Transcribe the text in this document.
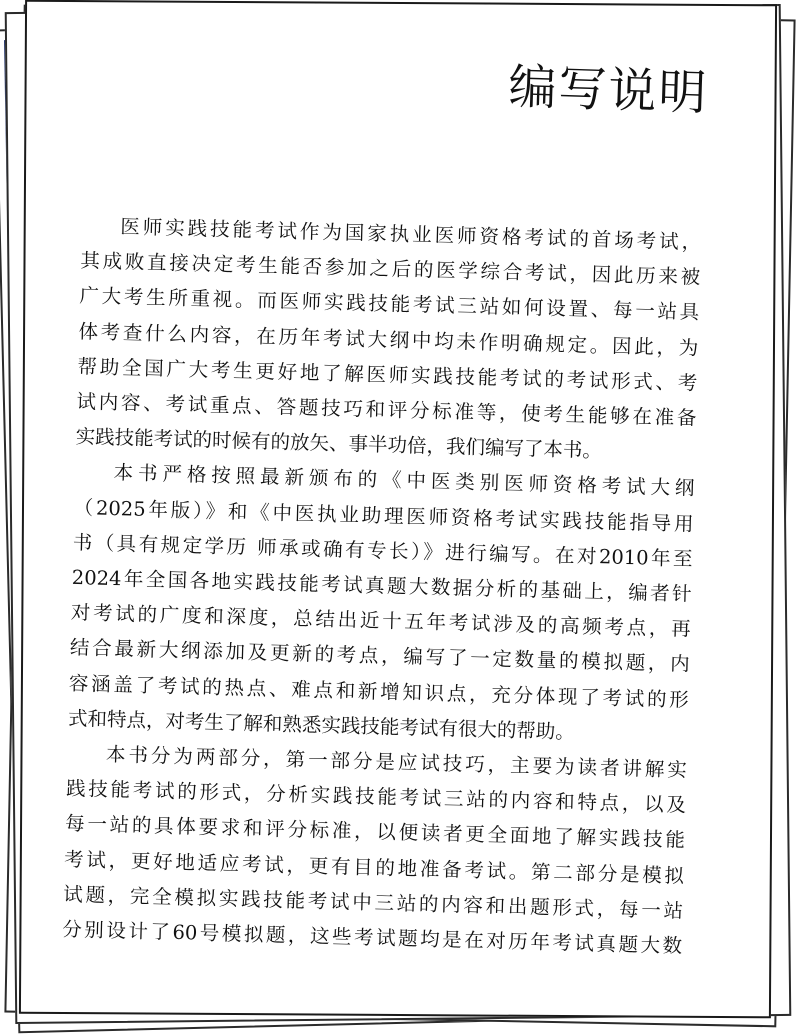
编写说明
医师实践技能考试作为国家执业医师资格考试的首场考试，
其成败直接决定考生能否参加之后的医学综合考试，因此历来被
广大考生所重视。而医师实践技能考试三站如何设置、每一站具
体考查什么内容，在历年考试大纲中均未作明确规定。因此，为
帮助全国广大考生更好地了解医师实践技能考试的考试形式、考
试内容、考试重点、答题技巧和评分标准等，使考生能够在准备
实践技能考试的时候有的放矢、事半功倍，我们编写了本书。
本书严格按照最新颁布的《中医类别医师资格考试大纲
（2025年版）》和《中医执业助理医师资格考试实践技能指导用
书（具有规定学历 师承或确有专长）》进行编写。在对2010年至
2024年全国各地实践技能考试真题大数据分析的基础上，编者针
对考试的广度和深度，总结出近十五年考试涉及的高频考点，再
结合最新大纲添加及更新的考点，编写了一定数量的模拟题，内
容涵盖了考试的热点、难点和新增知识点，充分体现了考试的形
式和特点，对考生了解和熟悉实践技能考试有很大的帮助。
本书分为两部分，第一部分是应试技巧，主要为读者讲解实
践技能考试的形式，分析实践技能考试三站的内容和特点，以及
每一站的具体要求和评分标准，以便读者更全面地了解实践技能
考试，更好地适应考试，更有目的地准备考试。第二部分是模拟
试题，完全模拟实践技能考试中三站的内容和出题形式，每一站
分别设计了60号模拟题，这些考试题均是在对历年考试真题大数
